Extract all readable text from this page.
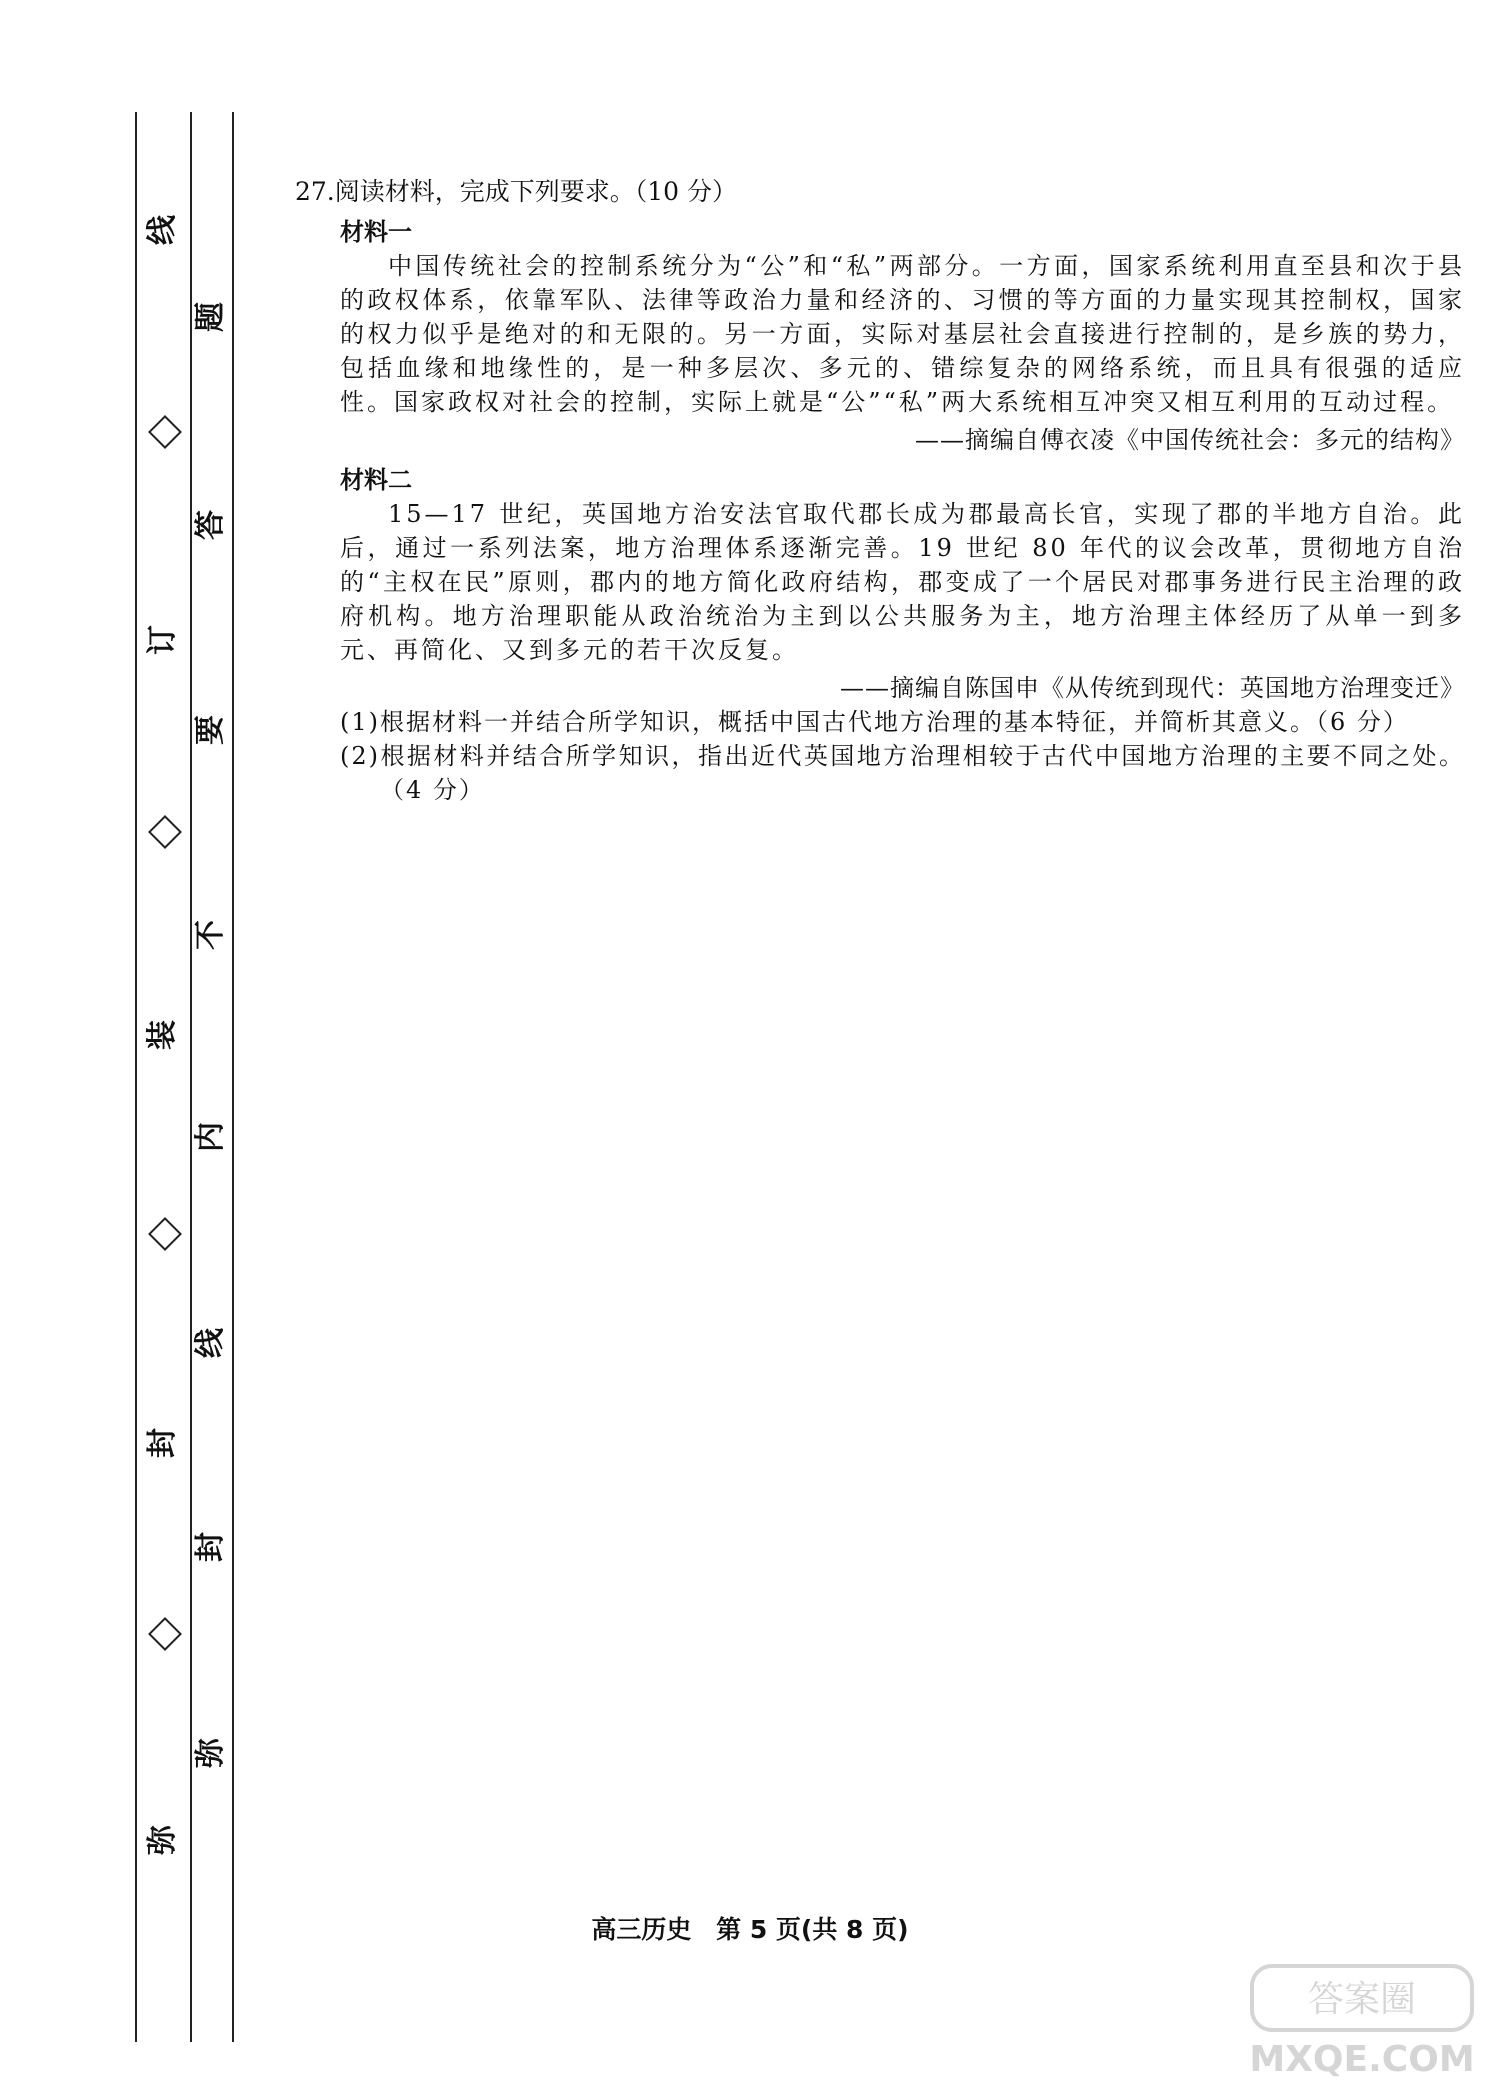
线
订
装
封
弥
题
答
要
不
内
线
封
弥
27.阅读材料，完成下列要求。（10 分）
材料一
中国传统社会的控制系统分为“公”和“私”两部分。一方面，国家系统利用直至县和次于县的政权体系，依靠军队、法律等政治力量和经济的、习惯的等方面的力量实现其控制权，国家的权力似乎是绝对的和无限的。另一方面，实际对基层社会直接进行控制的，是乡族的势力，包括血缘和地缘性的，是一种多层次、多元的、错综复杂的网络系统，而且具有很强的适应性。国家政权对社会的控制，实际上就是“公”“私”两大系统相互冲突又相互利用的互动过程。
——摘编自傅衣凌《中国传统社会：多元的结构》
材料二
15—17 世纪，英国地方治安法官取代郡长成为郡最高长官，实现了郡的半地方自治。此后，通过一系列法案，地方治理体系逐渐完善。19 世纪 80 年代的议会改革，贯彻地方自治的“主权在民”原则，郡内的地方简化政府结构，郡变成了一个居民对郡事务进行民主治理的政府机构。地方治理职能从政治统治为主到以公共服务为主，地方治理主体经历了从单一到多元、再简化、又到多元的若干次反复。
——摘编自陈国申《从传统到现代：英国地方治理变迁》
(1)根据材料一并结合所学知识，概括中国古代地方治理的基本特征，并简析其意义。（6 分）
(2)根据材料并结合所学知识，指出近代英国地方治理相较于古代中国地方治理的主要不同之处。（4 分）
高三历史 第 5 页(共 8 页)
答案圈
MXQE.COM
